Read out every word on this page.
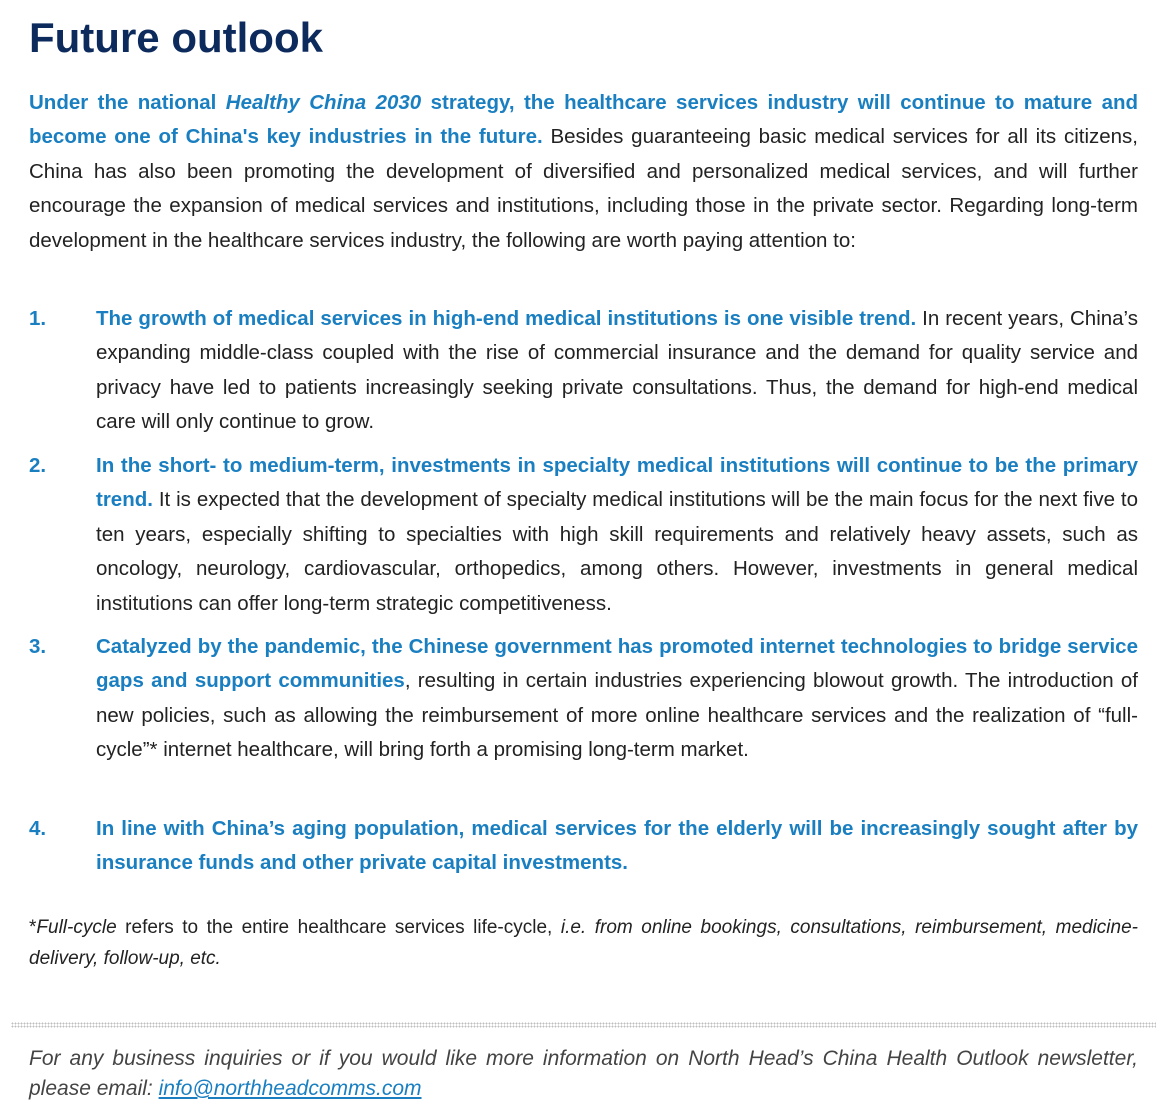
Future outlook

Under the national Healthy China 2030 strategy, the healthcare services industry will continue to mature and become one of China's key industries in the future. Besides guaranteeing basic medical services for all its citizens, China has also been promoting the development of diversified and personalized medical services, and will further encourage the expansion of medical services and institutions, including those in the private sector. Regarding long-term development in the healthcare services industry, the following are worth paying attention to:

1.	The growth of medical services in high-end medical institutions is one visible trend. In recent years, China’s expanding middle-class coupled with the rise of commercial insurance and the demand for quality service and privacy have led to patients increasingly seeking private consultations. Thus, the demand for high-end medical care will only continue to grow.
2.	In the short- to medium-term, investments in specialty medical institutions will continue to be the primary trend. It is expected that the development of specialty medical institutions will be the main focus for the next five to ten years, especially shifting to specialties with high skill requirements and relatively heavy assets, such as oncology, neurology, cardiovascular, orthopedics, among others. However, investments in general medical institutions can offer long-term strategic competitiveness.
3.	Catalyzed by the pandemic, the Chinese government has promoted internet technologies to bridge service gaps and support communities, resulting in certain industries experiencing blowout growth. The introduction of new policies, such as allowing the reimbursement of more online healthcare services and the realization of “full-cycle”* internet healthcare, will bring forth a promising long-term market.
4.	In line with China’s aging population, medical services for the elderly will be increasingly sought after by insurance funds and other private capital investments.
*Full-cycle refers to the entire healthcare services life-cycle, i.e. from online bookings, consultations, reimbursement, medicine-delivery, follow-up, etc.
For any business inquiries or if you would like more information on North Head’s China Health Outlook newsletter, please email: info@northheadcomms.com
